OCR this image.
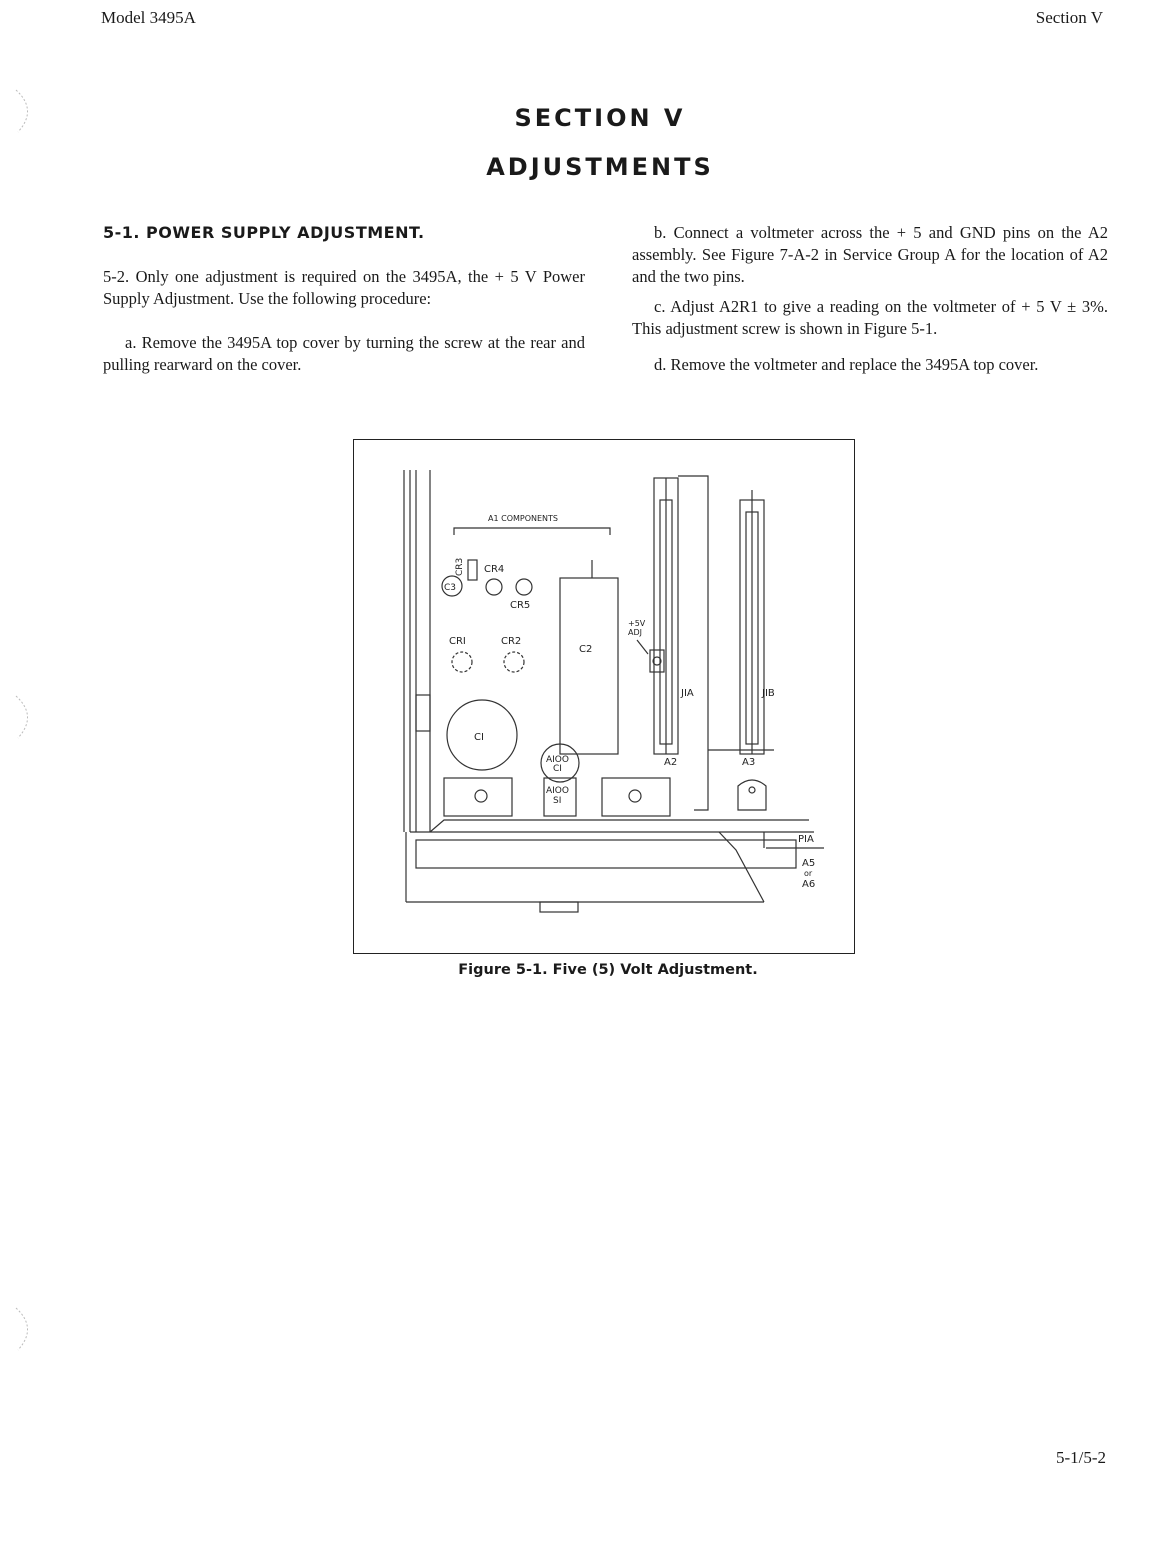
Model 3495A	Section V
SECTION V
ADJUSTMENTS

5-1. POWER SUPPLY ADJUSTMENT.

5-2. Only one adjustment is required on the 3495A, the + 5 V Power Supply Adjustment. Use the following procedure:

a. Remove the 3495A top cover by turning the screw at the rear and pulling rearward on the cover.

b. Connect a voltmeter across the + 5 and GND pins on the A2 assembly. See Figure 7-A-2 in Service Group A for the location of A2 and the two pins.

c. Adjust A2R1 to give a reading on the voltmeter of + 5 V ± 3%. This adjustment screw is shown in Figure 5-1.

d. Remove the voltmeter and replace the 3495A top cover.

A1 COMPONENTS
CR3
C3
CR4
CR5
CRI	CR2
C2
CI
+5V
ADJ
JIA	JIB
A2	A3
AIOO
CI
AIOO
SI
PIA
A5
or
A6
Figure 5-1. Five (5) Volt Adjustment.
5-1/5-2
